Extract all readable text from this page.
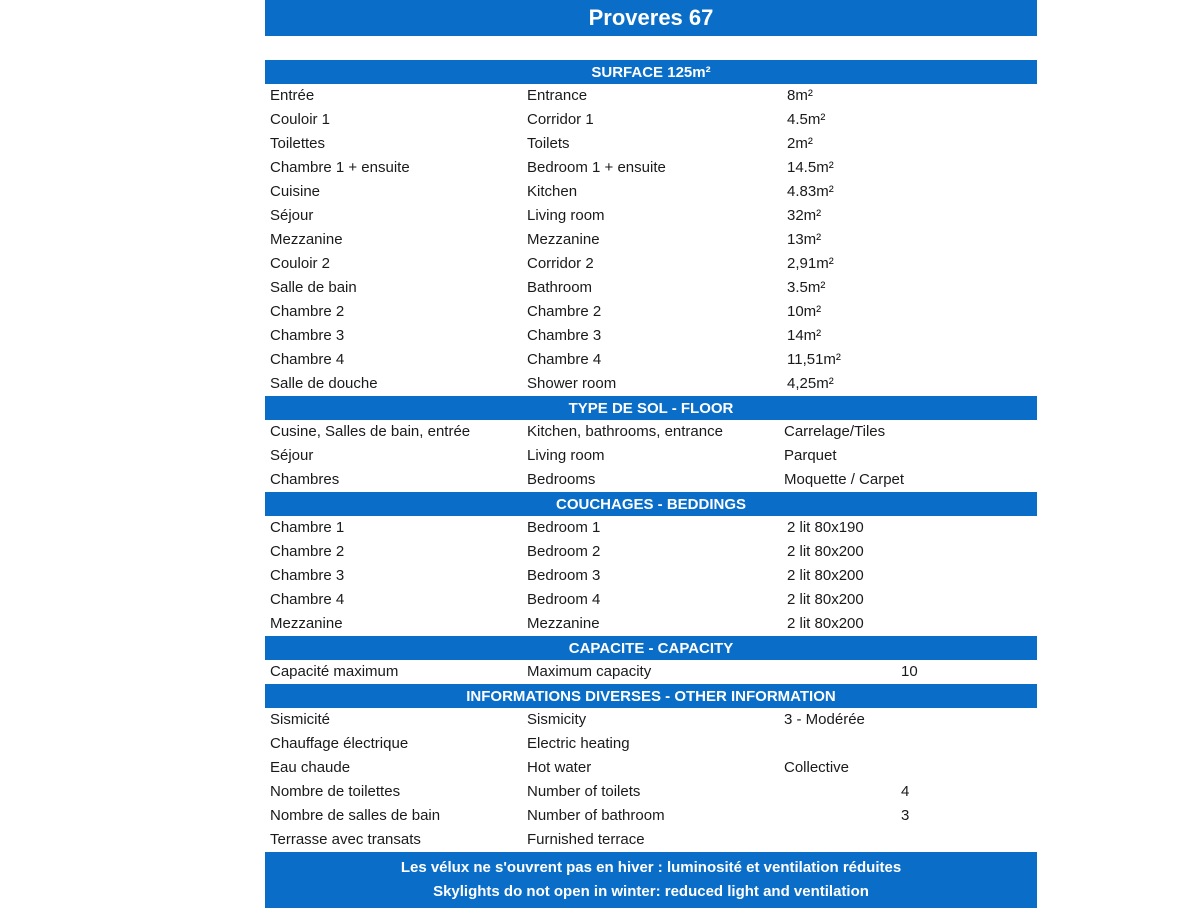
Proveres 67
SURFACE 125m²
Entrée	Entrance	8m²
Couloir 1	Corridor 1	4.5m²
Toilettes	Toilets	2m²
Chambre 1 + ensuite	Bedroom 1 + ensuite	14.5m²
Cuisine	Kitchen	4.83m²
Séjour	Living room	32m²
Mezzanine	Mezzanine	13m²
Couloir 2	Corridor 2	2,91m²
Salle de bain	Bathroom	3.5m²
Chambre 2	Chambre 2	10m²
Chambre 3	Chambre 3	14m²
Chambre 4	Chambre 4	11,51m²
Salle de douche	Shower room	4,25m²
TYPE DE SOL - FLOOR
Cusine, Salles de bain, entrée	Kitchen, bathrooms, entrance	Carrelage/Tiles
Séjour	Living room	Parquet
Chambres	Bedrooms	Moquette / Carpet
COUCHAGES - BEDDINGS
Chambre 1	Bedroom 1	2 lit 80x190
Chambre 2	Bedroom 2	2 lit 80x200
Chambre 3	Bedroom 3	2 lit 80x200
Chambre 4	Bedroom 4	2 lit 80x200
Mezzanine	Mezzanine	2 lit 80x200
CAPACITE - CAPACITY
Capacité maximum	Maximum capacity	10
INFORMATIONS DIVERSES - OTHER INFORMATION
Sismicité	Sismicity	3 - Modérée
Chauffage électrique	Electric heating
Eau chaude	Hot water	Collective
Nombre de toilettes	Number of toilets	4
Nombre de salles de bain	Number of bathroom	3
Terrasse avec transats	Furnished terrace
Les vélux ne s'ouvrent pas en hiver : luminosité et ventilation réduites
Skylights do not open in winter: reduced light and ventilation
